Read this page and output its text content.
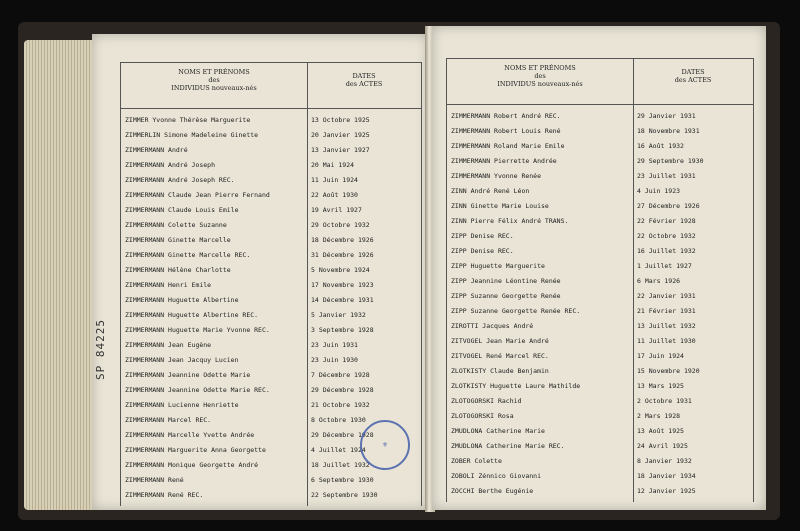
NOMS ET PRÉNOMS
des
INDIVIDUS nouveaux-nés
DATES
des ACTES
ZIMMER Yvonne Thérèse Marguerite	13 Octobre 1925
ZIMMERLIN Simone Madeleine Ginette	20 Janvier 1925
ZIMMERMANN André	13 Janvier 1927
ZIMMERMANN André Joseph	20 Mai 1924
ZIMMERMANN André Joseph REC.	11 Juin 1924
ZIMMERMANN Claude Jean Pierre Fernand	22 Août 1930
ZIMMERMANN Claude Louis Emile	19 Avril 1927
ZIMMERMANN Colette Suzanne	29 Octobre 1932
ZIMMERMANN Ginette Marcelle	18 Décembre 1926
ZIMMERMANN Ginette Marcelle REC.	31 Décembre 1926
ZIMMERMANN Hélène Charlotte	5 Novembre 1924
ZIMMERMANN Henri Emile	17 Novembre 1923
ZIMMERMANN Huguette Albertine	14 Décembre 1931
ZIMMERMANN Huguette Albertine REC.	5 Janvier 1932
ZIMMERMANN Huguette Marie Yvonne REC.	3 Septembre 1928
ZIMMERMANN Jean Eugène	23 Juin 1931
ZIMMERMANN Jean Jacquy Lucien	23 Juin 1930
ZIMMERMANN Jeannine Odette Marie	7 Décembre 1928
ZIMMERMANN Jeannine Odette Marie REC.	29 Décembre 1928
ZIMMERMANN Lucienne Henriette	21 Octobre 1932
ZIMMERMANN Marcel REC.	8 Octobre 1930
ZIMMERMANN Marcelle Yvette Andrée	29 Décembre 1928
ZIMMERMANN Marguerite Anna Georgette	4 Juillet 1924
ZIMMERMANN Monique Georgette André	18 Juillet 1932
ZIMMERMANN René	6 Septembre 1930
ZIMMERMANN René REC.	22 Septembre 1930
SP 84225
NOMS ET PRÉNOMS
des
INDIVIDUS nouveaux-nés
DATES
des ACTES
ZIMMERMANN Robert André REC.	29 Janvier 1931
ZIMMERMANN Robert Louis René	18 Novembre 1931
ZIMMERMANN Roland Marie Emile	16 Août 1932
ZIMMERMANN Pierrette Andrée	29 Septembre 1930
ZIMMERMANN Yvonne Renée	23 Juillet 1931
ZINN André René Léon	4 Juin 1923
ZINN Ginette Marie Louise	27 Décembre 1926
ZINN Pierre Félix André TRANS.	22 Février 1928
ZIPP Denise REC.	22 Octobre 1932
ZIPP Denise REC.	16 Juillet 1932
ZIPP Huguette Marguerite	1 Juillet 1927
ZIPP Jeannine Léontine Renée	6 Mars 1926
ZIPP Suzanne Georgette Renée	22 Janvier 1931
ZIPP Suzanne Georgette Renée REC.	21 Février 1931
ZIROTTI Jacques André	13 Juillet 1932
ZITVOGEL Jean Marie André	11 Juillet 1930
ZITVOGEL René Marcel REC.	17 Juin 1924
ZLOTKISTY Claude Benjamin	15 Novembre 1920
ZLOTKISTY Huguette Laure Mathilde	13 Mars 1925
ZLOTOGORSKI Rachid	2 Octobre 1931
ZLOTOGORSKI Rosa	2 Mars 1928
ZMUDLONA Catherine Marie	13 Août 1925
ZMUDLONA Catherine Marie REC.	24 Avril 1925
ZOBER Colette	8 Janvier 1932
ZOBOLI Zénnico Giovanni	18 Janvier 1934
ZOCCHI Berthe Eugénie	12 Janvier 1925
⚜
